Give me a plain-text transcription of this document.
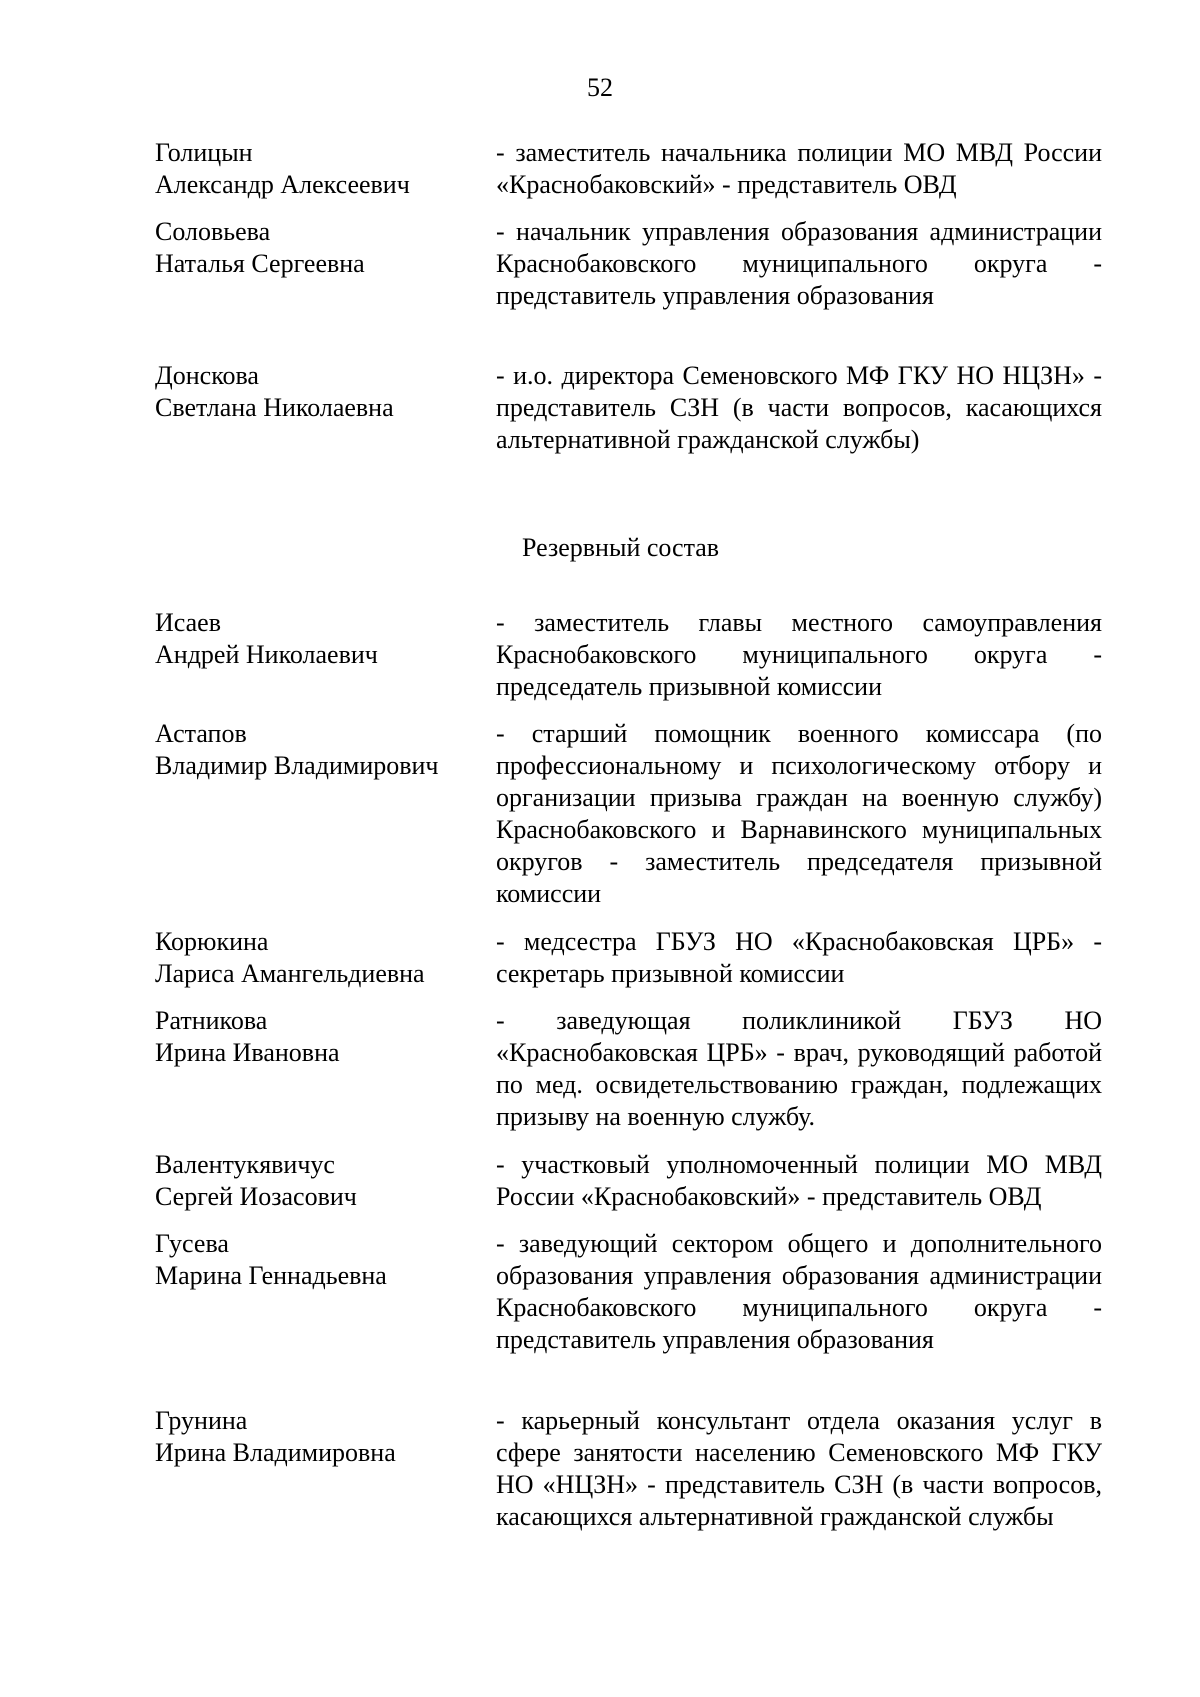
52
Голицын
Александр Алексеевич
- заместитель начальника полиции МО МВД России «Краснобаковский» - представитель ОВД
Соловьева
Наталья Сергеевна
- начальник управления образования администрации Краснобаковского муниципального округа - представитель управления образования
Донскова
Светлана Николаевна
- и.о. директора Семеновского МФ ГКУ НО НЦЗН» - представитель СЗН (в части вопросов, касающихся альтернативной гражданской службы)
Резервный состав
Исаев
Андрей Николаевич
- заместитель главы местного самоуправления Краснобаковского муниципального округа - председатель призывной комиссии
Астапов
Владимир Владимирович
- старший помощник военного комиссара (по профессиональному и психологическому отбору и организации призыва граждан на военную службу) Краснобаковского и Варнавинского муниципальных округов - заместитель председателя призывной комиссии
Корюкина
Лариса Амангельдиевна
- медсестра ГБУЗ НО «Краснобаковская ЦРБ» - секретарь призывной комиссии
Ратникова
Ирина Ивановна
- заведующая поликлиникой ГБУЗ НО «Краснобаковская ЦРБ» - врач, руководящий работой по мед. освидетельствованию граждан, подлежащих призыву на военную службу.
Валентукявичус
Сергей Иозасович
- участковый уполномоченный полиции МО МВД России «Краснобаковский» - представитель ОВД
Гусева
Марина Геннадьевна
- заведующий сектором общего и дополнительного образования управления образования администрации Краснобаковского муниципального округа - представитель управления образования
Грунина
Ирина Владимировна
- карьерный консультант отдела оказания услуг в сфере занятости населению Семеновского МФ ГКУ НО «НЦЗН» - представитель СЗН (в части вопросов, касающихся альтернативной гражданской службы
